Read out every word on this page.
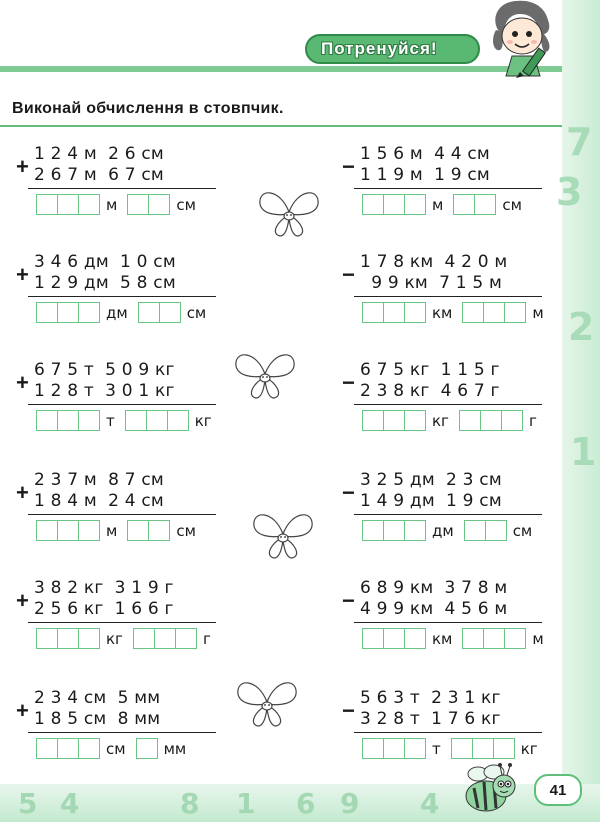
7
3
2
1
5 4	8 1 6 9 4
Потренуйся!
Виконай обчислення в стовпчик.
+ 1 2 4 м  2 6 см
2 6 7 м  6 7 см
м	см
− 1 5 6 м  4 4 см
1 1 9 м  1 9 см
м	см
+ 3 4 6 дм  1 0 см
1 2 9 дм  5 8 см
дм	см
− 1 7 8 км  4 2 0 м
9 9 км  7 1 5 м
км	м
+ 6 7 5 т  5 0 9 кг
1 2 8 т  3 0 1 кг
т	кг
− 6 7 5 кг  1 1 5 г
2 3 8 кг  4 6 7 г
кг	г
+ 2 3 7 м  8 7 см
1 8 4 м  2 4 см
м	см
− 3 2 5 дм  2 3 см
1 4 9 дм  1 9 см
дм	см
+ 3 8 2 кг  3 1 9 г
2 5 6 кг  1 6 6 г
кг	г
− 6 8 9 км  3 7 8 м
4 9 9 км  4 5 6 м
км	м
+ 2 3 4 см  5 мм
1 8 5 см  8 мм
см	мм
− 5 6 3 т  2 3 1 кг
3 2 8 т  1 7 6 кг
т	кг
41
